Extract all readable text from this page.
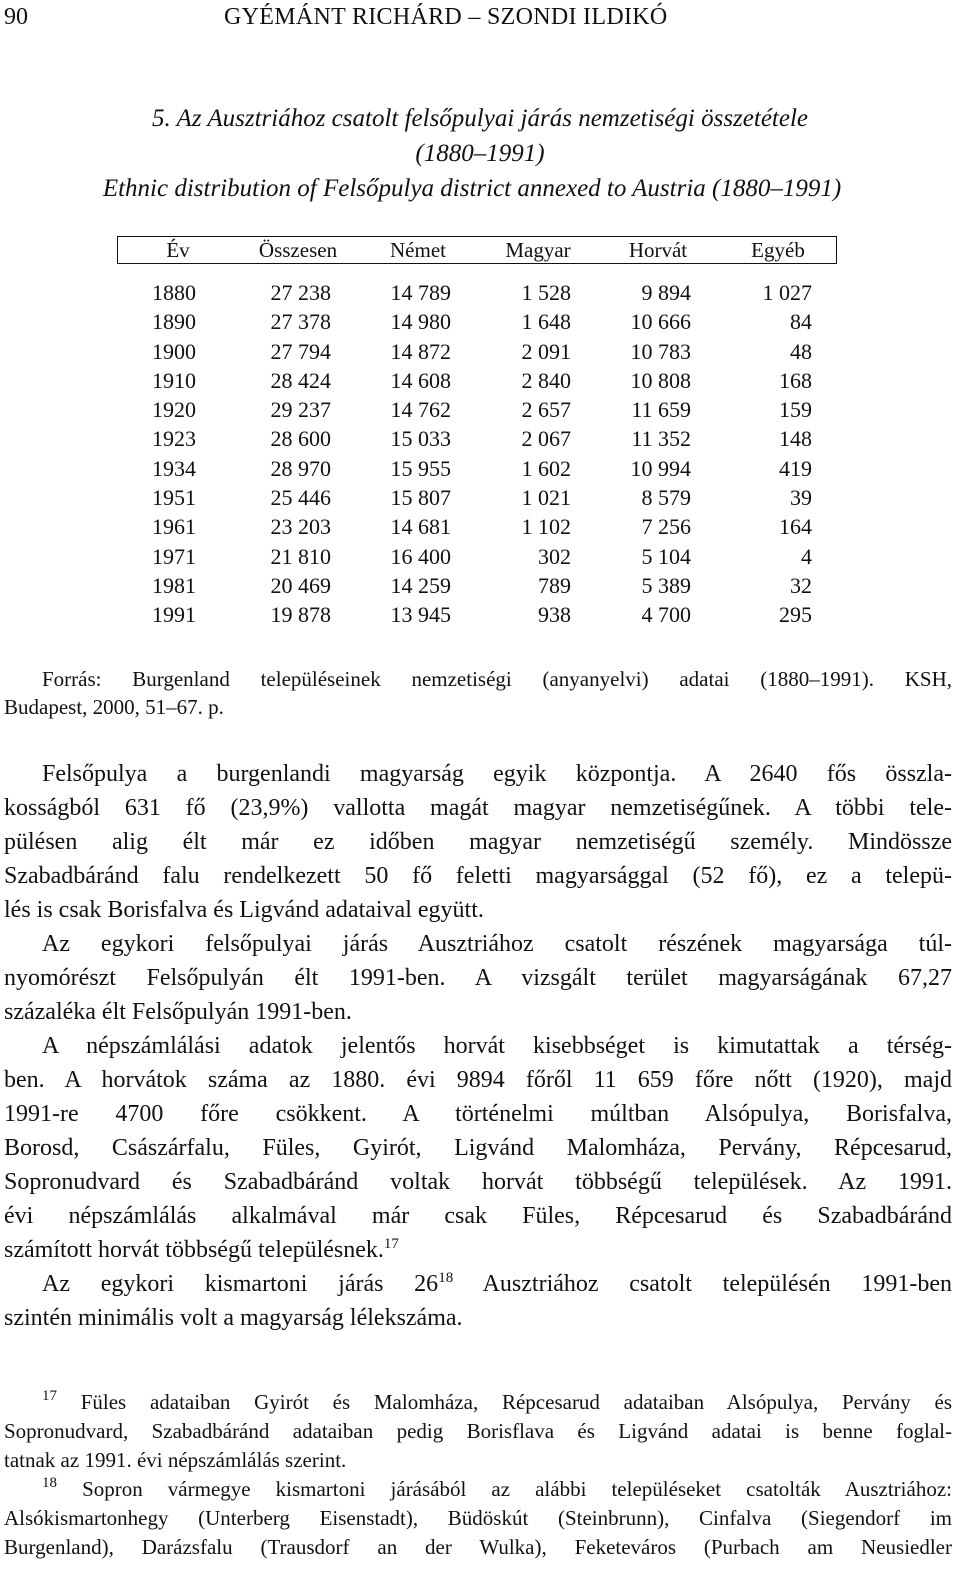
90	GYÉMÁNT RICHÁRD – SZONDI ILDIKÓ
5. Az Ausztriához csatolt felsőpulyai járás nemzetiségi összetétele
(1880–1991)
Ethnic distribution of Felsőpulya district annexed to Austria (1880–1991)
Év	Összesen	Német	Magyar	Horvát	Egyéb
1880	27 238	14 789	1 528	9 894	1 027
1890	27 378	14 980	1 648	10 666	84
1900	27 794	14 872	2 091	10 783	48
1910	28 424	14 608	2 840	10 808	168
1920	29 237	14 762	2 657	11 659	159
1923	28 600	15 033	2 067	11 352	148
1934	28 970	15 955	1 602	10 994	419
1951	25 446	15 807	1 021	8 579	39
1961	23 203	14 681	1 102	7 256	164
1971	21 810	16 400	302	5 104	4
1981	20 469	14 259	789	5 389	32
1991	19 878	13 945	938	4 700	295
Forrás: Burgenland településeinek nemzetiségi (anyanyelvi) adatai (1880–1991). KSH,
Budapest, 2000, 51–67. p.
Felsőpulya a burgenlandi magyarság egyik központja. A 2640 fős összla-
kosságból 631 fő (23,9%) vallotta magát magyar nemzetiségűnek. A többi tele-
pülésen alig élt már ez időben magyar nemzetiségű személy. Mindössze
Szabadbáránd falu rendelkezett 50 fő feletti magyarsággal (52 fő), ez a telepü-
lés is csak Borisfalva és Ligvánd adataival együtt.
Az egykori felsőpulyai járás Ausztriához csatolt részének magyarsága túl-
nyomórészt Felsőpulyán élt 1991-ben. A vizsgált terület magyarságának 67,27
százaléka élt Felsőpulyán 1991-ben.
A népszámlálási adatok jelentős horvát kisebbséget is kimutattak a térség-
ben. A horvátok száma az 1880. évi 9894 főről 11 659 főre nőtt (1920), majd
1991-re 4700 főre csökkent. A történelmi múltban Alsópulya, Borisfalva,
Borosd, Császárfalu, Füles, Gyirót, Ligvánd Malomháza, Pervány, Répcesarud,
Sopronudvard és Szabadbáránd voltak horvát többségű települések. Az 1991.
évi népszámlálás alkalmával már csak Füles, Répcesarud és Szabadbáránd
számított horvát többségű településnek.$^{17}$
Az egykori kismartoni járás $26^{18}$ Ausztriához csatolt településén 1991-ben
szintén minimális volt a magyarság lélekszáma.
$^{17}$ Füles adataiban Gyirót és Malomháza, Répcesarud adataiban Alsópulya, Pervány és
Sopronudvard, Szabadbáránd adataiban pedig Borisflava és Ligvánd adatai is benne foglal-
tatnak az 1991. évi népszámlálás szerint.
$^{18}$ Sopron vármegye kismartoni járásából az alábbi településeket csatolták Ausztriához:
Alsókismartonhegy (Unterberg Eisenstadt), Büdöskút (Steinbrunn), Cinfalva (Siegendorf im
Burgenland), Darázsfalu (Trausdorf an der Wulka), Feketeváros (Purbach am Neusiedler
